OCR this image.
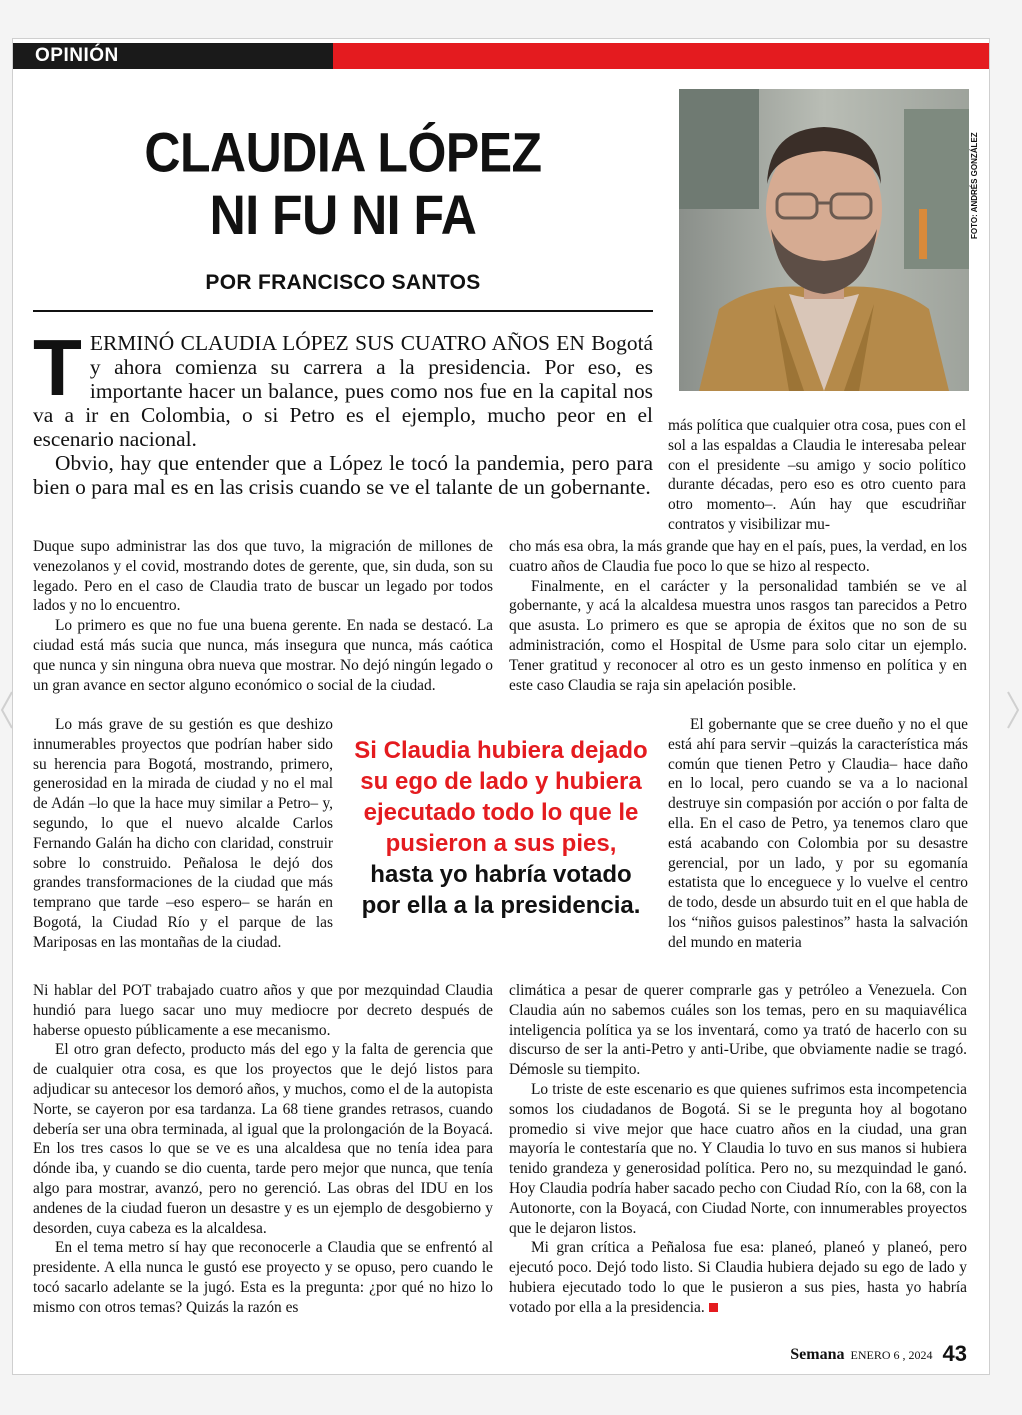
OPINIÓN
CLAUDIA LÓPEZ
NI FU NI FA
POR FRANCISCO SANTOS
FOTO: ANDRÉS GONZÁLEZ

TERMINÓ CLAUDIA LÓPEZ SUS CUATRO AÑOS EN Bogotá y ahora comienza su carrera a la presidencia. Por eso, es importante hacer un balance, pues como nos fue en la capital nos va a ir en Colombia, o si Petro es el ejemplo, mucho peor en el escenario nacional.

Obvio, hay que entender que a López le tocó la pandemia, pero para bien o para mal es en las crisis cuando se ve el talante de un gobernante.

más política que cualquier otra cosa, pues con el sol a las espaldas a Claudia le interesaba pelear con el presidente –su amigo y socio político durante décadas, pero eso es otro cuento para otro momento–. Aún hay que escudriñar contratos y visibilizar mu-

Duque supo administrar las dos que tuvo, la migración de millones de venezolanos y el covid, mostrando dotes de gerente, que, sin duda, son su legado. Pero en el caso de Claudia trato de buscar un legado por todos lados y no lo encuentro.

Lo primero es que no fue una buena gerente. En nada se destacó. La ciudad está más sucia que nunca, más insegura que nunca, más caótica que nunca y sin ninguna obra nueva que mostrar. No dejó ningún legado o un gran avance en sector alguno económico o social de la ciudad.

cho más esa obra, la más grande que hay en el país, pues, la verdad, en los cuatro años de Claudia fue poco lo que se hizo al respecto.

Finalmente, en el carácter y la personalidad también se ve al gobernante, y acá la alcaldesa muestra unos rasgos tan parecidos a Petro que asusta. Lo primero es que se apropia de éxitos que no son de su administración, como el Hospital de Usme para solo citar un ejemplo. Tener gratitud y reconocer al otro es un gesto inmenso en política y en este caso Claudia se raja sin apelación posible.

Lo más grave de su gestión es que deshizo innumerables proyectos que podrían haber sido su herencia para Bogotá, mostrando, primero, generosidad en la mirada de ciudad y no el mal de Adán –lo que la hace muy similar a Petro– y, segundo, lo que el nuevo alcalde Carlos Fernando Galán ha dicho con claridad, construir sobre lo construido. Peñalosa le dejó dos grandes transformaciones de la ciudad que más temprano que tarde –eso espero– se harán en Bogotá, la Ciudad Río y el parque de las Mariposas en las montañas de la ciudad.

Si Claudia hubiera dejado su ego de lado y hubiera ejecutado todo lo que le pusieron a sus pies, hasta yo habría votado por ella a la presidencia.

El gobernante que se cree dueño y no el que está ahí para servir –quizás la característica más común que tienen Petro y Claudia– hace daño en lo local, pero cuando se va a lo nacional destruye sin compasión por acción o por falta de ella. En el caso de Petro, ya tenemos claro que está acabando con Colombia por su desastre gerencial, por un lado, y por su egomanía estatista que lo enceguece y lo vuelve el centro de todo, desde un absurdo tuit en el que habla de los “niños guisos palestinos” hasta la salvación del mundo en materia

Ni hablar del POT trabajado cuatro años y que por mezquindad Claudia hundió para luego sacar uno muy mediocre por decreto después de haberse opuesto públicamente a ese mecanismo.

El otro gran defecto, producto más del ego y la falta de gerencia que de cualquier otra cosa, es que los proyectos que le dejó listos para adjudicar su antecesor los demoró años, y muchos, como el de la autopista Norte, se cayeron por esa tardanza. La 68 tiene grandes retrasos, cuando debería ser una obra terminada, al igual que la prolongación de la Boyacá. En los tres casos lo que se ve es una alcaldesa que no tenía idea para dónde iba, y cuando se dio cuenta, tarde pero mejor que nunca, que tenía algo para mostrar, avanzó, pero no gerenció. Las obras del IDU en los andenes de la ciudad fueron un desastre y es un ejemplo de desgobierno y desorden, cuya cabeza es la alcaldesa.

En el tema metro sí hay que reconocerle a Claudia que se enfrentó al presidente. A ella nunca le gustó ese proyecto y se opuso, pero cuando le tocó sacarlo adelante se la jugó. Esta es la pregunta: ¿por qué no hizo lo mismo con otros temas? Quizás la razón es

climática a pesar de querer comprarle gas y petróleo a Venezuela. Con Claudia aún no sabemos cuáles son los temas, pero en su maquiavélica inteligencia política ya se los inventará, como ya trató de hacerlo con su discurso de ser la anti-Petro y anti-Uribe, que obviamente nadie se tragó. Démosle su tiempito.

Lo triste de este escenario es que quienes sufrimos esta incompetencia somos los ciudadanos de Bogotá. Si se le pregunta hoy al bogotano promedio si vive mejor que hace cuatro años en la ciudad, una gran mayoría le contestaría que no. Y Claudia lo tuvo en sus manos si hubiera tenido grandeza y generosidad política. Pero no, su mezquindad le ganó. Hoy Claudia podría haber sacado pecho con Ciudad Río, con la 68, con la Autonorte, con la Boyacá, con Ciudad Norte, con innumerables proyectos que le dejaron listos.

Mi gran crítica a Peñalosa fue esa: planeó, planeó y planeó, pero ejecutó poco. Dejó todo listo. Si Claudia hubiera dejado su ego de lado y hubiera ejecutado todo lo que le pusieron a sus pies, hasta yo habría votado por ella a la presidencia.

Semana ENERO 6 , 2024 43
